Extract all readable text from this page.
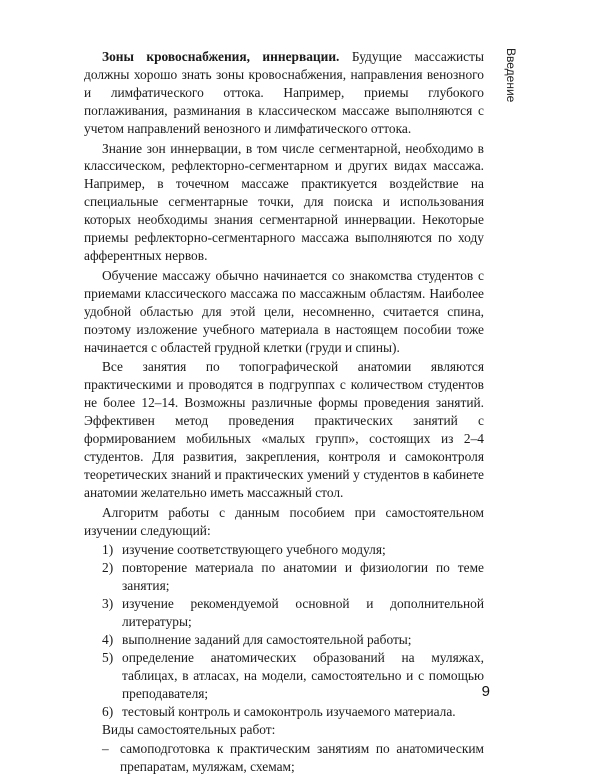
Введение

Зоны кровоснабжения, иннервации. Будущие массажисты должны хорошо знать зоны кровоснабжения, направления венозного и лимфатического оттока. Например, приемы глубокого поглаживания, разминания в классическом массаже выполняются с учетом направлений венозного и лимфатического оттока.

Знание зон иннервации, в том числе сегментарной, необходимо в классическом, рефлекторно-сегментарном и других видах массажа. Например, в точечном массаже практикуется воздействие на специальные сегментарные точки, для поиска и использования которых необходимы знания сегментарной иннервации. Некоторые приемы рефлекторно-сегментарного массажа выполняются по ходу афферентных нервов.

Обучение массажу обычно начинается со знакомства студентов с приемами классического массажа по массажным областям. Наиболее удобной областью для этой цели, несомненно, считается спина, поэтому изложение учебного материала в настоящем пособии тоже начинается с областей грудной клетки (груди и спины).

Все занятия по топографической анатомии являются практическими и проводятся в подгруппах с количеством студентов не более 12–14. Возможны различные формы проведения занятий. Эффективен метод проведения практических занятий с формированием мобильных «малых групп», состоящих из 2–4 студентов. Для развития, закрепления, контроля и самоконтроля теоретических знаний и практических умений у студентов в кабинете анатомии желательно иметь массажный стол.

Алгоритм работы с данным пособием при самостоятельном изучении следующий:

1) изучение соответствующего учебного модуля;
2) повторение материала по анатомии и физиологии по теме занятия;
3) изучение рекомендуемой основной и дополнительной литературы;
4) выполнение заданий для самостоятельной работы;
5) определение анатомических образований на муляжах, таблицах, в атласах, на модели, самостоятельно и с помощью преподавателя;
6) тестовый контроль и самоконтроль изучаемого материала.

Виды самостоятельных работ:

– самоподготовка к практическим занятиям по анатомическим препаратам, муляжам, схемам;
9
